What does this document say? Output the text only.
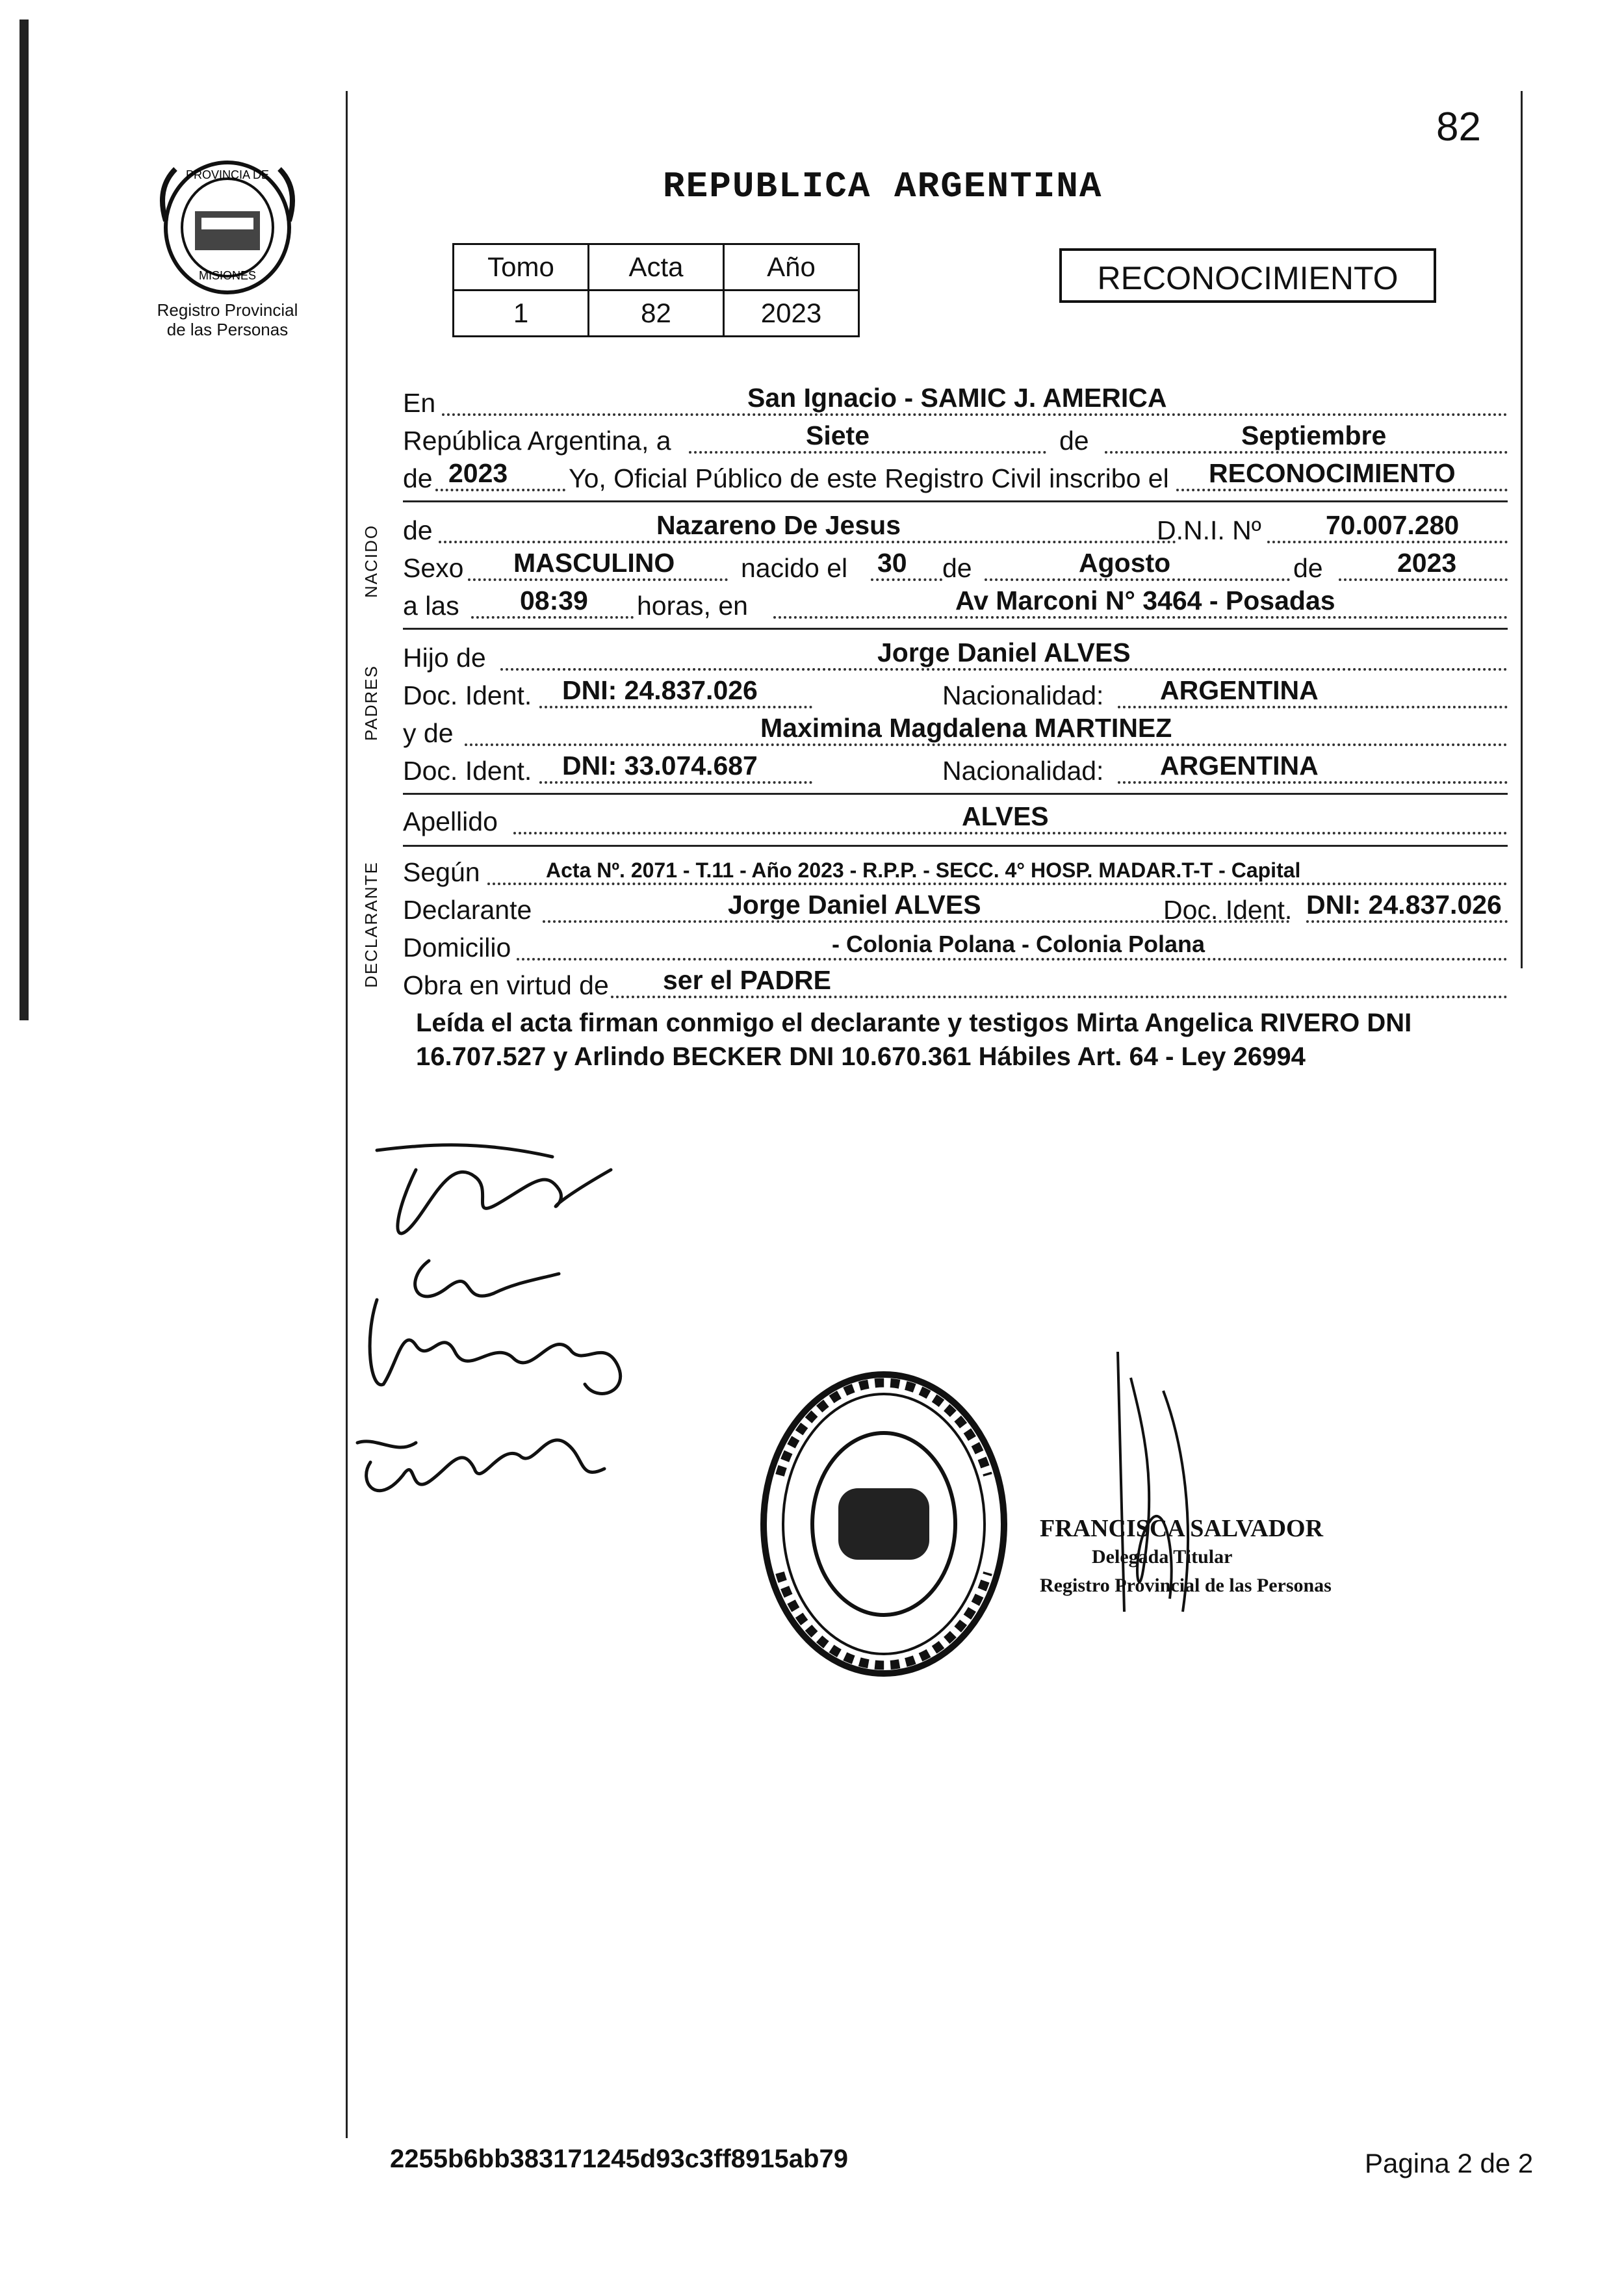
82
PROVINCIA DE
MISIONES
Registro Provincial
de las Personas
REPUBLICA ARGENTINA
Tomo	Acta	Año
1	82	2023
RECONOCIMIENTO
En	San Ignacio - SAMIC J. AMERICA
República Argentina, a	Siete	de	Septiembre
de 2023 Yo, Oficial Público de este Registro Civil inscribo el RECONOCIMIENTO
NACIDO de	Nazareno De Jesus	D.N.I. Nº 70.007.280
Sexo MASCULINO nacido el 30 de	Agosto	de	2023
a las 08:39 horas, en	Av Marconi N° 3464 - Posadas
PADRES
Hijo de	Jorge Daniel ALVES
Doc. Ident. DNI: 24.837.026	Nacionalidad: ARGENTINA
y de	Maximina Magdalena MARTINEZ
Doc. Ident. DNI: 33.074.687	Nacionalidad: ARGENTINA
Apellido	ALVES
DECLARANTE Según	Acta Nº. 2071 - T.11 - Año 2023 - R.P.P. - SECC. 4° HOSP. MADAR.T-T - Capital
Declarante	Jorge Daniel ALVES	Doc. Ident. DNI: 24.837.026
Domicilio	- Colonia Polana - Colonia Polana
Obra en virtud de ser el PADRE
Leída el acta firman conmigo el declarante y testigos Mirta Angelica RIVERO DNI 16.707.527 y Arlindo BECKER DNI 10.670.361 Hábiles Art. 64 - Ley 26994
FRANCISCA SALVADOR
Delegada Titular
Registro Provincial de las Personas
2255b6bb383171245d93c3ff8915ab79	Pagina 2 de 2
